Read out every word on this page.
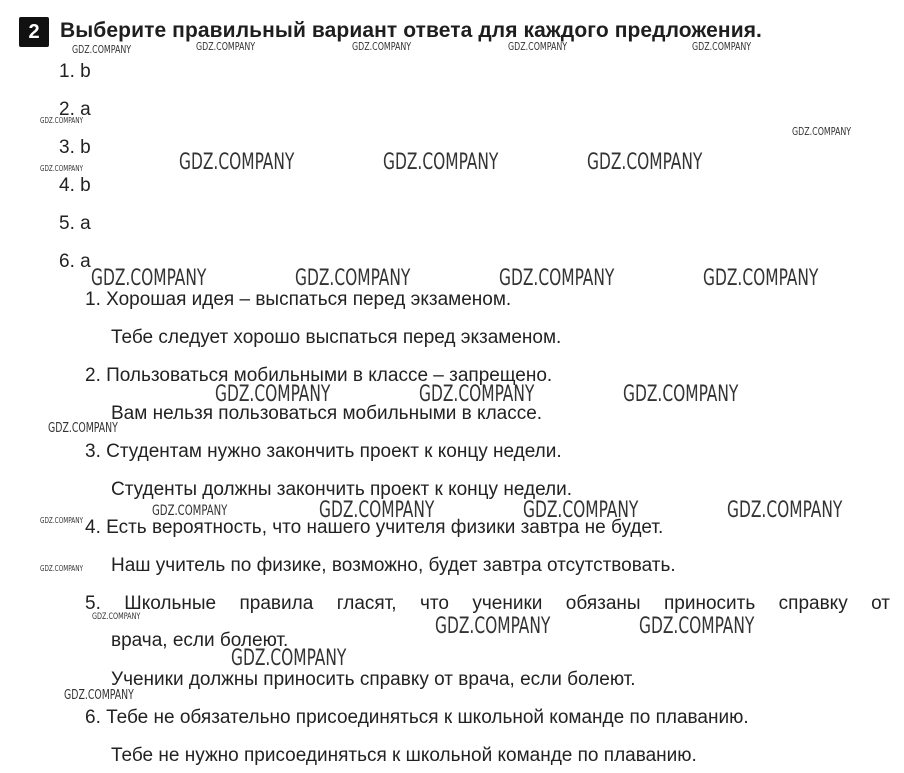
2 Выберите правильный вариант ответа для каждого предложения.
1. b
2. a
3. b
4. b
5. a
6. a
1. Хорошая идея – выспаться перед экзаменом.
Тебе следует хорошо выспаться перед экзаменом.
2. Пользоваться мобильными в классе – запрещено.
Вам нельзя пользоваться мобильными в классе.
3. Студентам нужно закончить проект к концу недели.
Студенты должны закончить проект к концу недели.
4. Есть вероятность, что нашего учителя физики завтра не будет.
Наш учитель по физике, возможно, будет завтра отсутствовать.
5. Школьные правила гласят, что ученики обязаны приносить справку от
врача, если болеют.
Ученики должны приносить справку от врача, если болеют.
6. Тебе не обязательно присоединяться к школьной команде по плаванию.
Тебе не нужно присоединяться к школьной команде по плаванию.
GDZ.COMPANY	GDZ.COMPANY	GDZ.COMPANY	GDZ.COMPANY	GDZ.COMPANY
GDZ.COMPANY
GDZ.COMPANY
GDZ.COMPANY	GDZ.COMPANY	GDZ.COMPANY	GDZ.COMPANY
GDZ.COMPANY	GDZ.COMPANY	GDZ.COMPANY	GDZ.COMPANY
GDZ.COMPANY	GDZ.COMPANY	GDZ.COMPANY
GDZ.COMPANY
GDZ.COMPANY	GDZ.COMPANY	GDZ.COMPANY	GDZ.COMPANY
GDZ.COMPANY
GDZ.COMPANY
GDZ.COMPANY	GDZ.COMPANY	GDZ.COMPANY
GDZ.COMPANY
GDZ.COMPANY
